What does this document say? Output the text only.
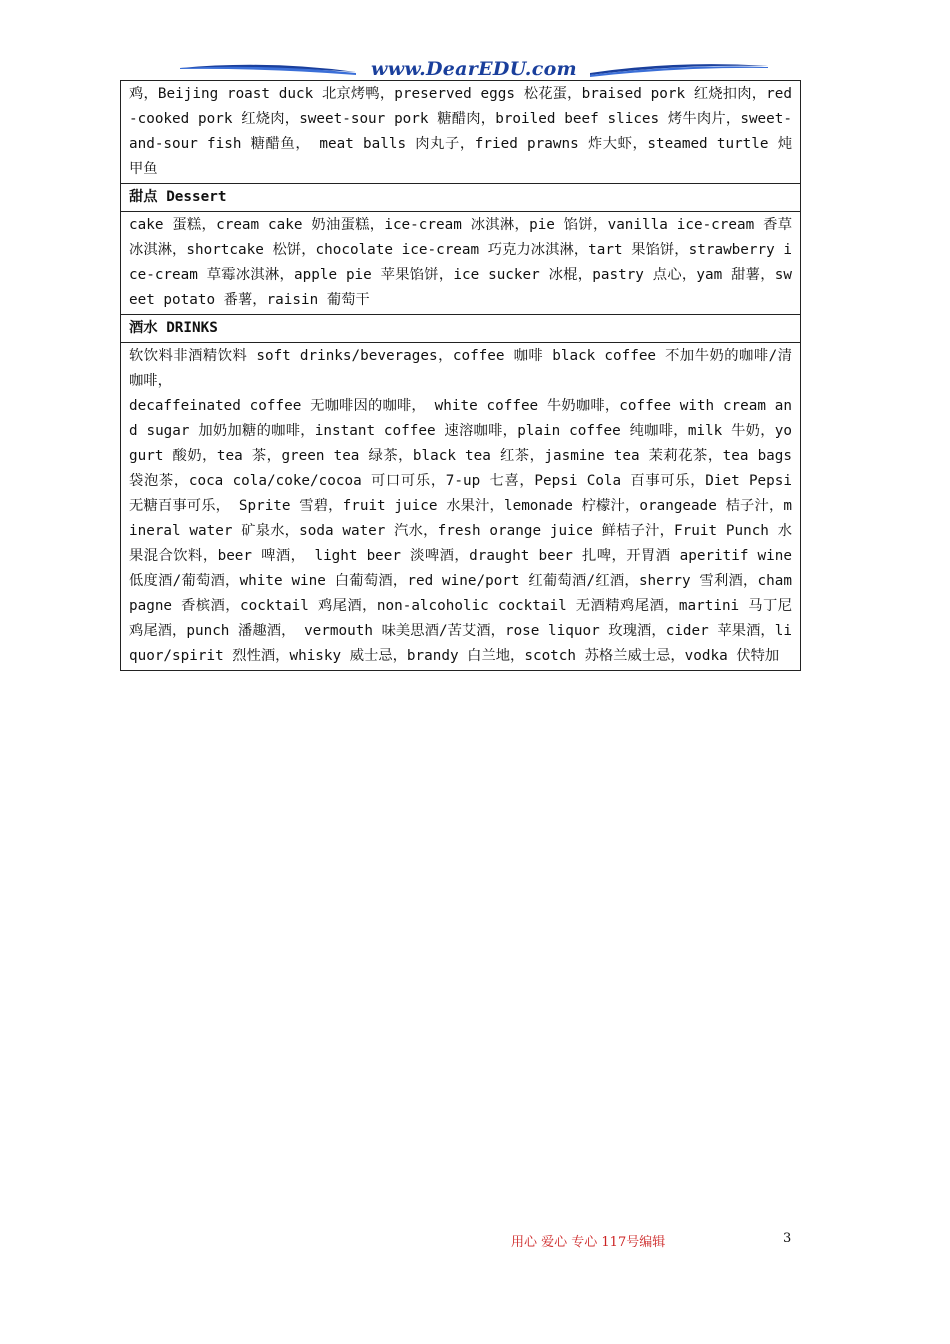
www.DearEDU.com
鸡，Beijing roast duck 北京烤鸭，preserved eggs 松花蛋，braised pork 红烧扣肉，red-cooked pork 红烧肉，sweet-sour pork 糖醋肉，broiled beef slices 烤牛肉片，sweet-and-sour fish 糖醋鱼， meat balls 肉丸子，fried prawns 炸大虾，steamed turtle 炖甲鱼
甜点 Dessert
cake 蛋糕，cream cake 奶油蛋糕，ice-cream 冰淇淋，pie 馅饼，vanilla ice-cream 香草冰淇淋，shortcake 松饼，chocolate ice-cream 巧克力冰淇淋，tart 果馅饼，strawberry ice-cream 草霉冰淇淋，apple pie 苹果馅饼，ice sucker 冰棍，pastry 点心，yam 甜薯，sweet potato 番薯，raisin 葡萄干
酒水 DRINKS
软饮料非酒精饮料 soft drinks/beverages，coffee 咖啡 black coffee 不加牛奶的咖啡/清咖啡，
decaffeinated coffee 无咖啡因的咖啡， white coffee 牛奶咖啡，coffee with cream and sugar 加奶加糖的咖啡，instant coffee 速溶咖啡，plain coffee 纯咖啡，milk 牛奶，yogurt 酸奶，tea 茶，green tea 绿茶，black tea 红茶，jasmine tea 茉莉花茶，tea bags 袋泡茶，coca cola/coke/cocoa 可口可乐，7-up 七喜，Pepsi Cola 百事可乐，Diet Pepsi 无糖百事可乐， Sprite 雪碧，fruit juice 水果汁，lemonade 柠檬汁，orangeade 桔子汁，mineral water 矿泉水，soda water 汽水，fresh orange juice 鲜桔子汁，Fruit Punch 水果混合饮料，beer 啤酒， light beer 淡啤酒，draught beer 扎啤，开胃酒 aperitif wine 低度酒/葡萄酒，white wine 白葡萄酒，red wine/port 红葡萄酒/红酒，sherry 雪利酒，champagne 香槟酒，cocktail 鸡尾酒，non-alcoholic cocktail 无酒精鸡尾酒，martini 马丁尼鸡尾酒，punch 潘趣酒， vermouth 味美思酒/苦艾酒，rose liquor 玫瑰酒，cider 苹果酒，liquor/spirit 烈性酒，whisky 威士忌，brandy 白兰地，scotch 苏格兰威士忌，vodka 伏特加
用心 爱心 专心 117号编辑	3
